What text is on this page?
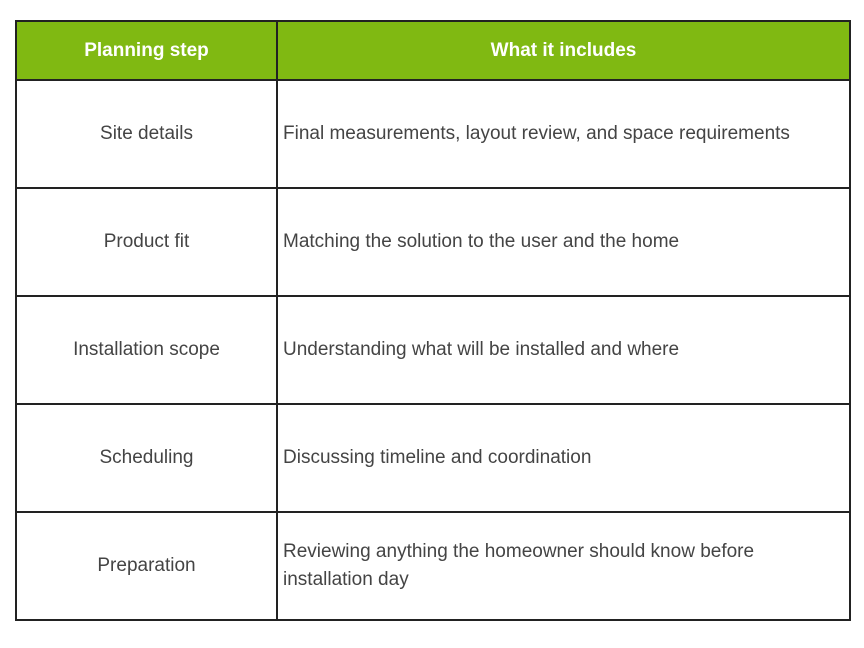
Planning step	What it includes
Site details	Final measurements, layout review, and space requirements
Product fit	Matching the solution to the user and the home
Installation scope	Understanding what will be installed and where
Scheduling	Discussing timeline and coordination
Preparation	Reviewing anything the homeowner should know before installation day
